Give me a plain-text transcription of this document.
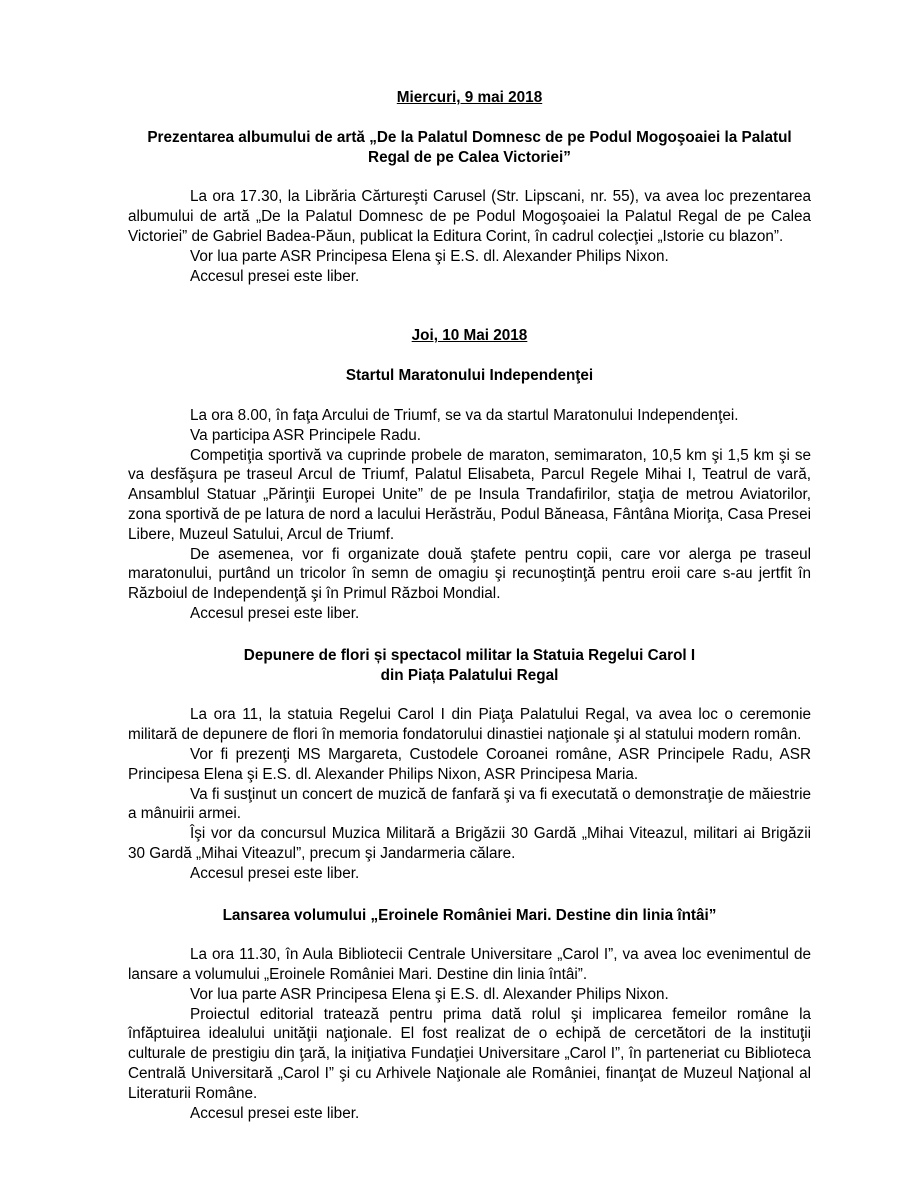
Miercuri, 9 mai 2018
Prezentarea albumului de artă „De la Palatul Domnesc de pe Podul Mogoşoaiei la Palatul
Regal de pe Calea Victoriei”

La ora 17.30, la Librăria Cărtureşti Carusel (Str. Lipscani, nr. 55), va avea loc prezentarea albumului de artă „De la Palatul Domnesc de pe Podul Mogoşoaiei la Palatul Regal de pe Calea Victoriei” de Gabriel Badea-Păun, publicat la Editura Corint, în cadrul colecţiei „Istorie cu blazon”.

Vor lua parte ASR Principesa Elena şi E.S. dl. Alexander Philips Nixon.

Accesul presei este liber.

Joi, 10 Mai 2018
Startul Maratonului Independenţei

La ora 8.00, în faţa Arcului de Triumf, se va da startul Maratonului Independenţei.

Va participa ASR Principele Radu.

Competiţia sportivă va cuprinde probele de maraton, semimaraton, 10,5 km şi 1,5 km şi se va desfăşura pe traseul Arcul de Triumf, Palatul Elisabeta, Parcul Regele Mihai I, Teatrul de vară, Ansamblul Statuar „Părinţii Europei Unite” de pe Insula Trandafirilor, staţia de metrou Aviatorilor, zona sportivă de pe latura de nord a lacului Herăstrău, Podul Băneasa, Fântâna Mioriţa, Casa Presei Libere, Muzeul Satului, Arcul de Triumf.

De asemenea, vor fi organizate două ştafete pentru copii, care vor alerga pe traseul maratonului, purtând un tricolor în semn de omagiu şi recunoştinţă pentru eroii care s-au jertfit în Războiul de Independenţă şi în Primul Război Mondial.

Accesul presei este liber.

Depunere de flori și spectacol militar la Statuia Regelui Carol I
din Piața Palatului Regal

La ora 11, la statuia Regelui Carol I din Piaţa Palatului Regal, va avea loc o ceremonie militară de depunere de flori în memoria fondatorului dinastiei naţionale şi al statului modern român.

Vor fi prezenţi MS Margareta, Custodele Coroanei române, ASR Principele Radu, ASR Principesa Elena şi E.S. dl. Alexander Philips Nixon, ASR Principesa Maria.

Va fi susţinut un concert de muzică de fanfară şi va fi executată o demonstraţie de măiestrie a mânuirii armei.

Îşi vor da concursul Muzica Militară a Brigăzii 30 Gardă „Mihai Viteazul, militari ai Brigăzii 30 Gardă „Mihai Viteazul”, precum şi Jandarmeria călare.

Accesul presei este liber.

Lansarea volumului „Eroinele României Mari. Destine din linia întâi”

La ora 11.30, în Aula Bibliotecii Centrale Universitare „Carol I”, va avea loc evenimentul de lansare a volumului „Eroinele României Mari. Destine din linia întâi”.

Vor lua parte ASR Principesa Elena şi E.S. dl. Alexander Philips Nixon.

Proiectul editorial tratează pentru prima dată rolul şi implicarea femeilor române la înfăptuirea idealului unităţii naţionale. El fost realizat de o echipă de cercetători de la instituţii culturale de prestigiu din ţară, la iniţiativa Fundaţiei Universitare „Carol I”, în parteneriat cu Biblioteca Centrală Universitară „Carol I” şi cu Arhivele Naţionale ale României, finanţat de Muzeul Naţional al Literaturii Române.

Accesul presei este liber.
